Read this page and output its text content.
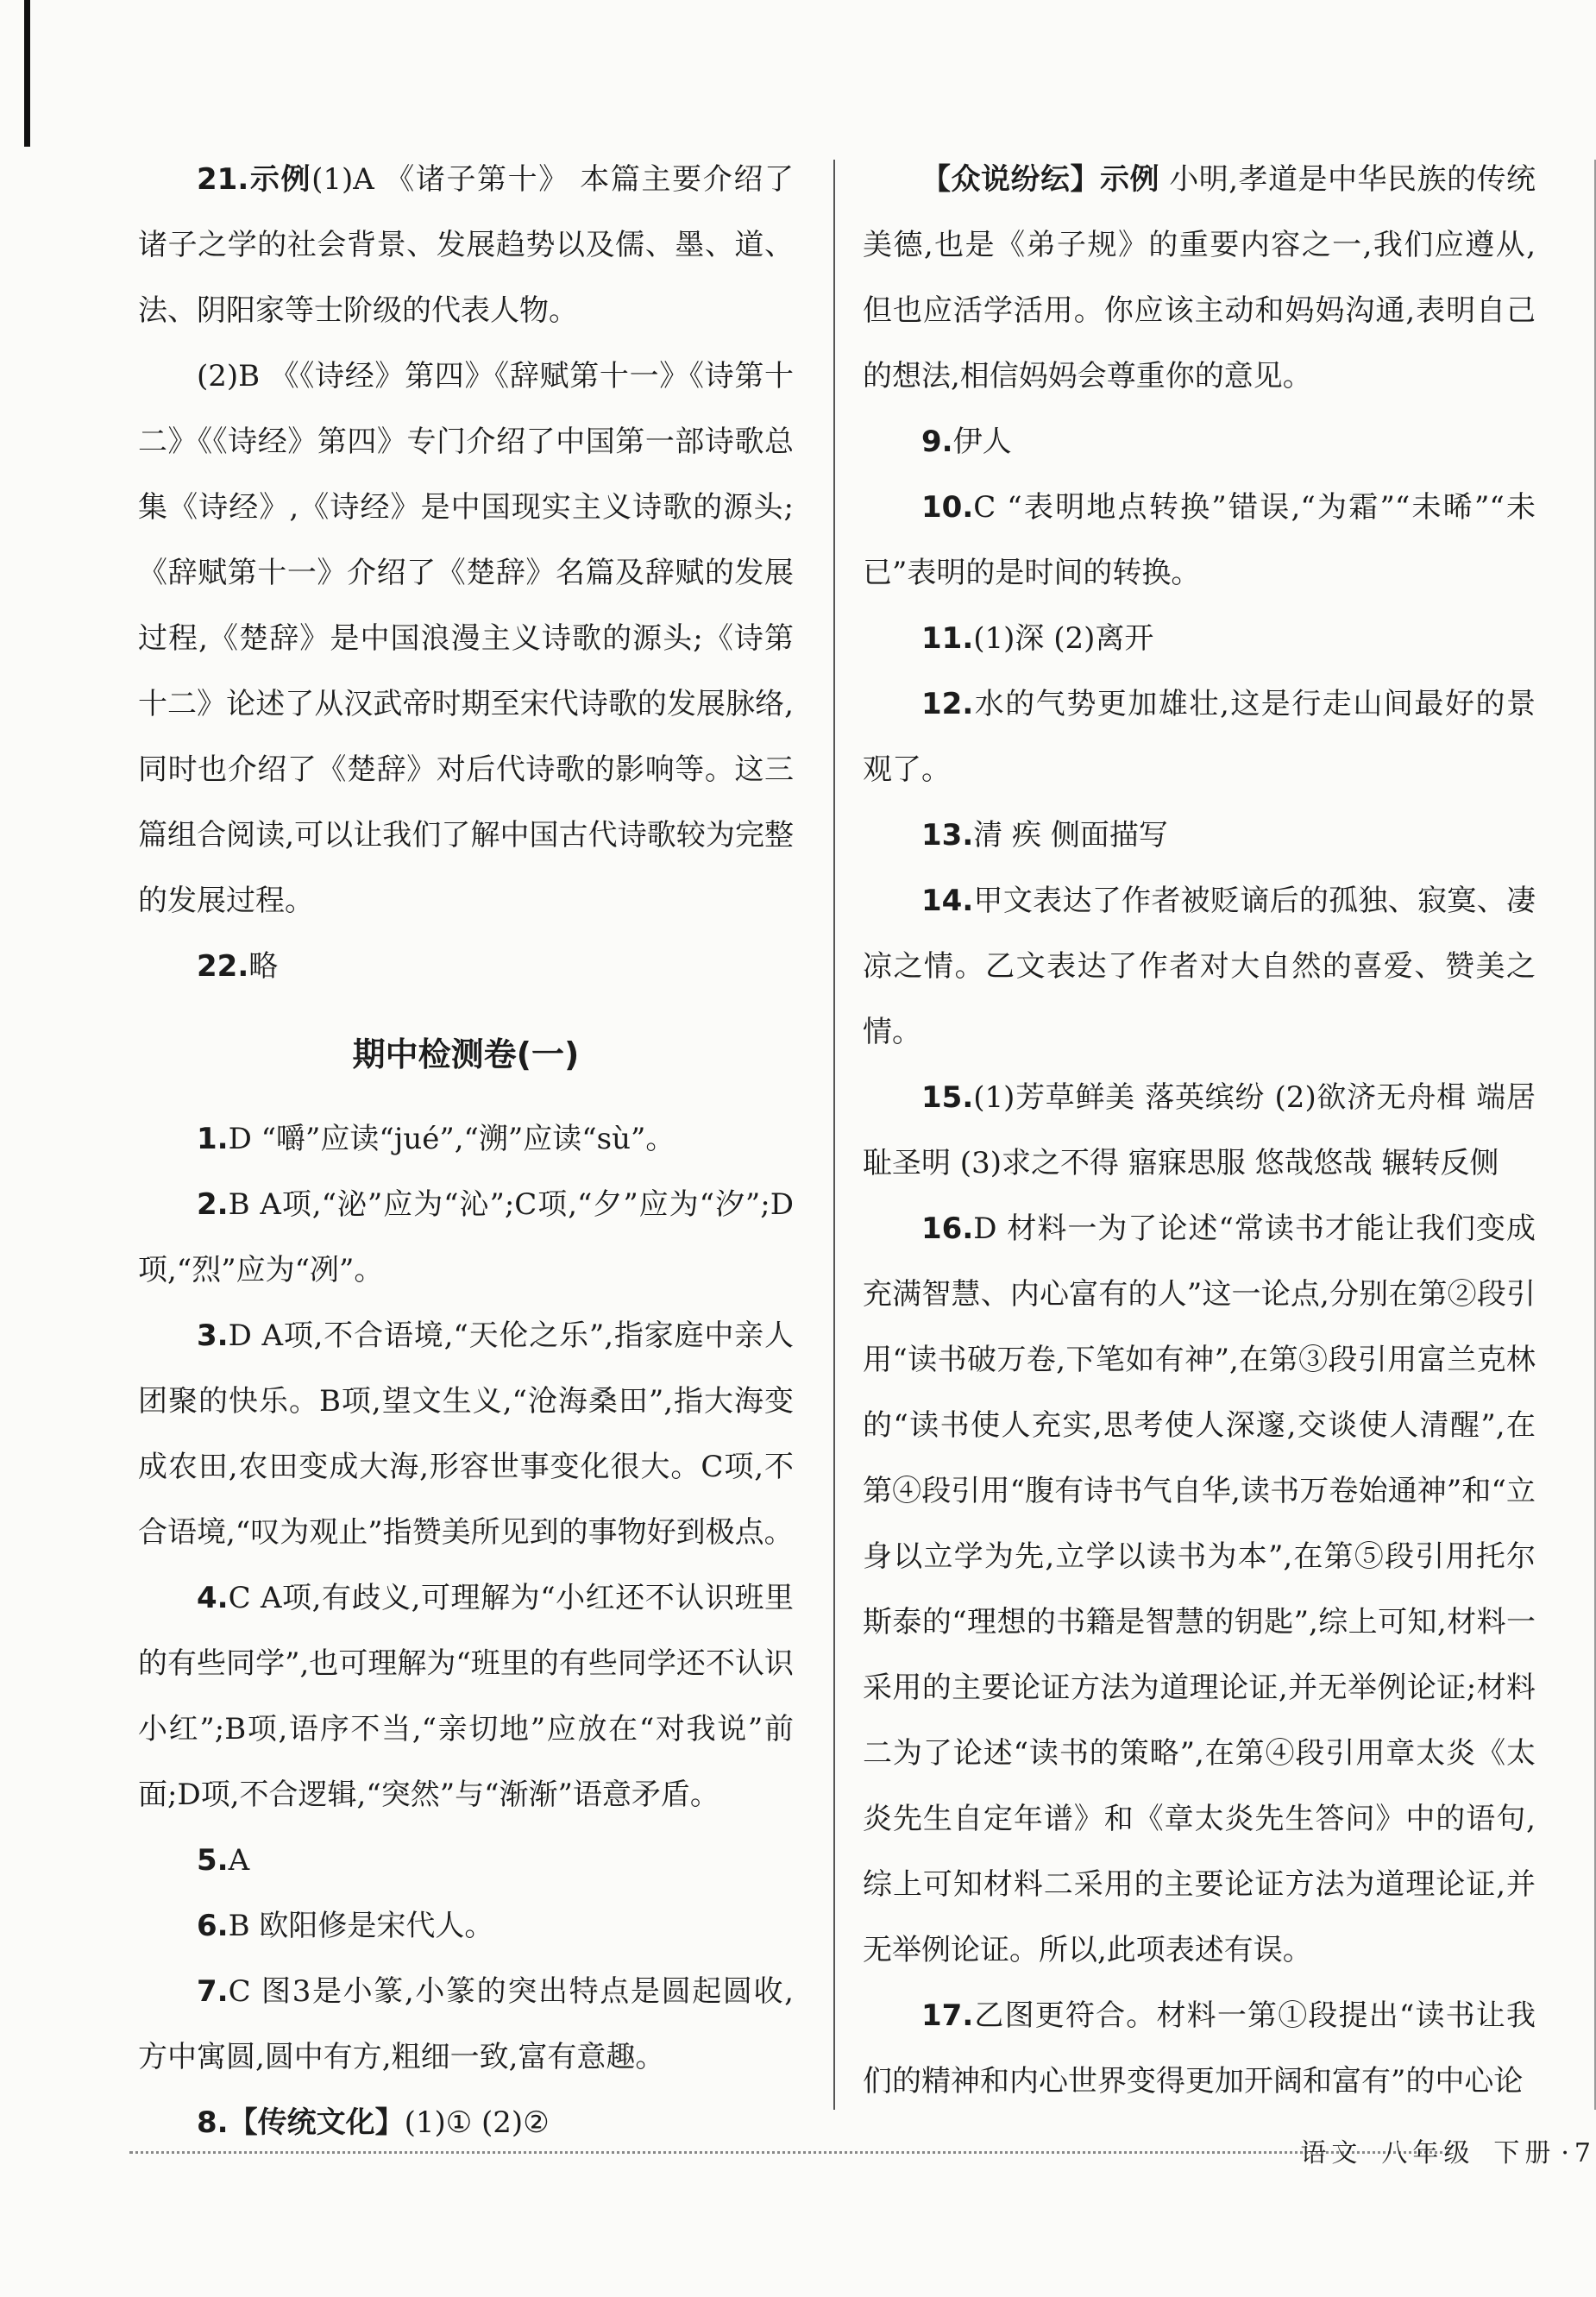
21.示例(1)A 《诸子第十》 本篇主要介绍了诸子之学的社会背景、发展趋势以及儒、墨、道、法、阴阳家等士阶级的代表人物。

(2)B 《《诗经》第四》《辞赋第十一》《诗第十二》《《诗经》第四》专门介绍了中国第一部诗歌总集《诗经》,《诗经》是中国现实主义诗歌的源头;《辞赋第十一》介绍了《楚辞》名篇及辞赋的发展过程,《楚辞》是中国浪漫主义诗歌的源头;《诗第十二》论述了从汉武帝时期至宋代诗歌的发展脉络,同时也介绍了《楚辞》对后代诗歌的影响等。这三篇组合阅读,可以让我们了解中国古代诗歌较为完整的发展过程。

22.略

期中检测卷(一)

1.D “嚼”应读“jué”,“溯”应读“sù”。

2.B A项,“泌”应为“沁”;C项,“夕”应为“汐”;D项,“烈”应为“冽”。

3.D A项,不合语境,“天伦之乐”,指家庭中亲人团聚的快乐。B项,望文生义,“沧海桑田”,指大海变成农田,农田变成大海,形容世事变化很大。C项,不合语境,“叹为观止”指赞美所见到的事物好到极点。

4.C A项,有歧义,可理解为“小红还不认识班里的有些同学”,也可理解为“班里的有些同学还不认识小红”;B项,语序不当,“亲切地”应放在“对我说”前面;D项,不合逻辑,“突然”与“渐渐”语意矛盾。

5.A

6.B 欧阳修是宋代人。

7.C 图3是小篆,小篆的突出特点是圆起圆收,方中寓圆,圆中有方,粗细一致,富有意趣。

8.【传统文化】(1)① (2)②

【众说纷纭】示例 小明,孝道是中华民族的传统美德,也是《弟子规》的重要内容之一,我们应遵从,但也应活学活用。你应该主动和妈妈沟通,表明自己的想法,相信妈妈会尊重你的意见。

9.伊人

10.C “表明地点转换”错误,“为霜”“未晞”“未已”表明的是时间的转换。

11.(1)深 (2)离开

12.水的气势更加雄壮,这是行走山间最好的景观了。

13.清 疾 侧面描写

14.甲文表达了作者被贬谪后的孤独、寂寞、凄凉之情。乙文表达了作者对大自然的喜爱、赞美之情。

15.(1)芳草鲜美 落英缤纷 (2)欲济无舟楫 端居耻圣明 (3)求之不得 寤寐思服 悠哉悠哉 辗转反侧

16.D 材料一为了论述“常读书才能让我们变成充满智慧、内心富有的人”这一论点,分别在第②段引用“读书破万卷,下笔如有神”,在第③段引用富兰克林的“读书使人充实,思考使人深邃,交谈使人清醒”,在第④段引用“腹有诗书气自华,读书万卷始通神”和“立身以立学为先,立学以读书为本”,在第⑤段引用托尔斯泰的“理想的书籍是智慧的钥匙”,综上可知,材料一采用的主要论证方法为道理论证,并无举例论证;材料二为了论述“读书的策略”,在第④段引用章太炎《太炎先生自定年谱》和《章太炎先生答问》中的语句,综上可知材料二采用的主要论证方法为道理论证,并无举例论证。所以,此项表述有误。

17.乙图更符合。材料一第①段提出“读书让我们的精神和内心世界变得更加开阔和富有”的中心论

语文 八年级 下册 ·7
